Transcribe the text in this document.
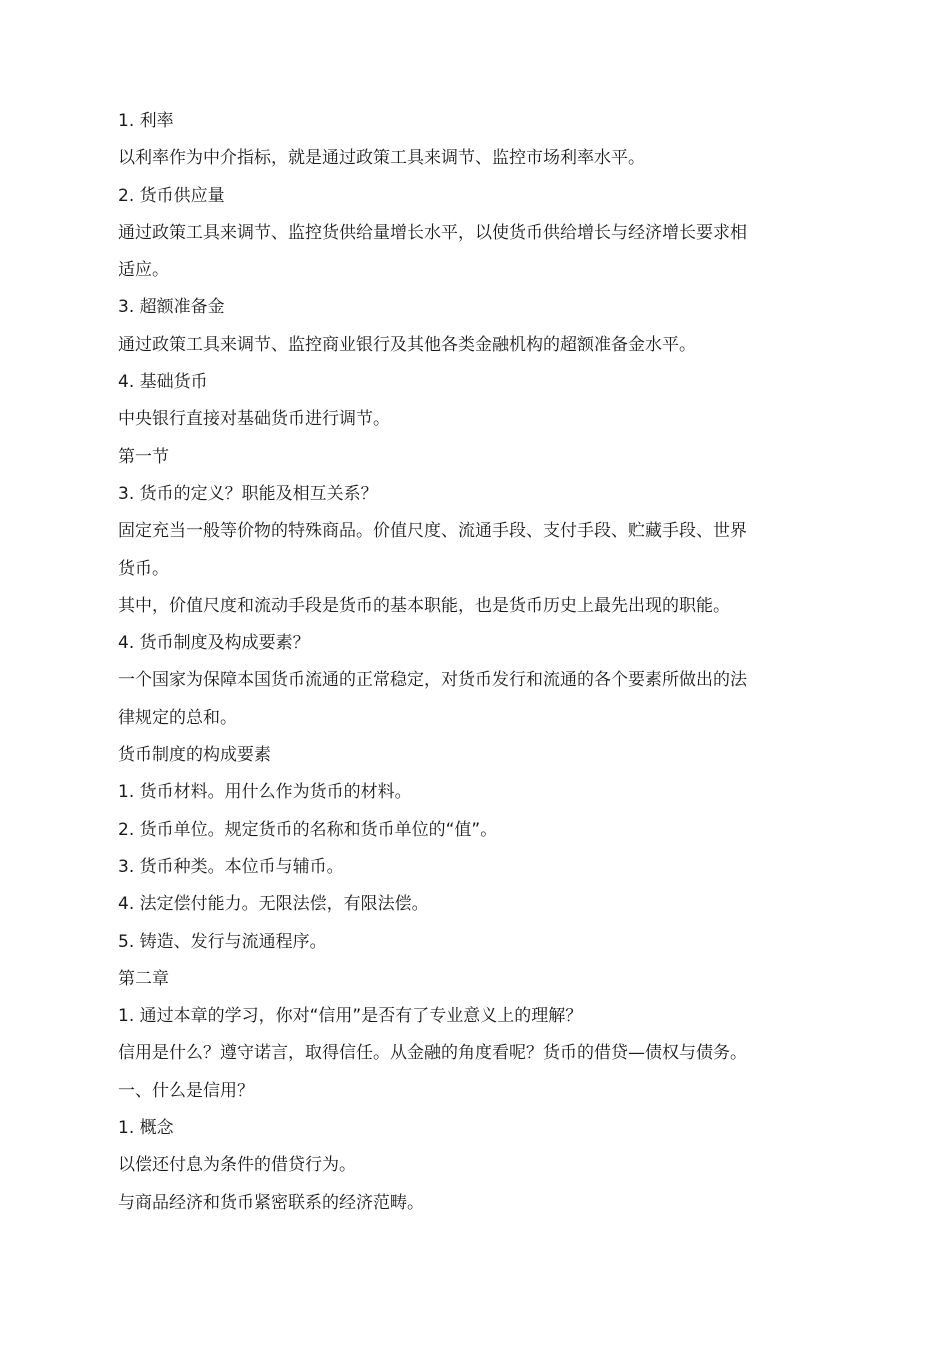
1. 利率
以利率作为中介指标，就是通过政策工具来调节、监控市场利率水平。
2. 货币供应量
通过政策工具来调节、监控货供给量增长水平，以使货币供给增长与经济增长要求相
适应。
3. 超额准备金
通过政策工具来调节、监控商业银行及其他各类金融机构的超额准备金水平。
4. 基础货币
中央银行直接对基础货币进行调节。
第一节
3. 货币的定义？职能及相互关系？
固定充当一般等价物的特殊商品。价值尺度、流通手段、支付手段、贮藏手段、世界
货币。
其中，价值尺度和流动手段是货币的基本职能，也是货币历史上最先出现的职能。
4. 货币制度及构成要素？
一个国家为保障本国货币流通的正常稳定，对货币发行和流通的各个要素所做出的法
律规定的总和。
货币制度的构成要素
1. 货币材料。用什么作为货币的材料。
2. 货币单位。规定货币的名称和货币单位的“值”。
3. 货币种类。本位币与辅币。
4. 法定偿付能力。无限法偿，有限法偿。
5. 铸造、发行与流通程序。
第二章
1. 通过本章的学习，你对“信用”是否有了专业意义上的理解？
信用是什么？遵守诺言，取得信任。从金融的角度看呢？货币的借贷—债权与债务。
一、什么是信用？
1. 概念
以偿还付息为条件的借贷行为。
与商品经济和货币紧密联系的经济范畴。
